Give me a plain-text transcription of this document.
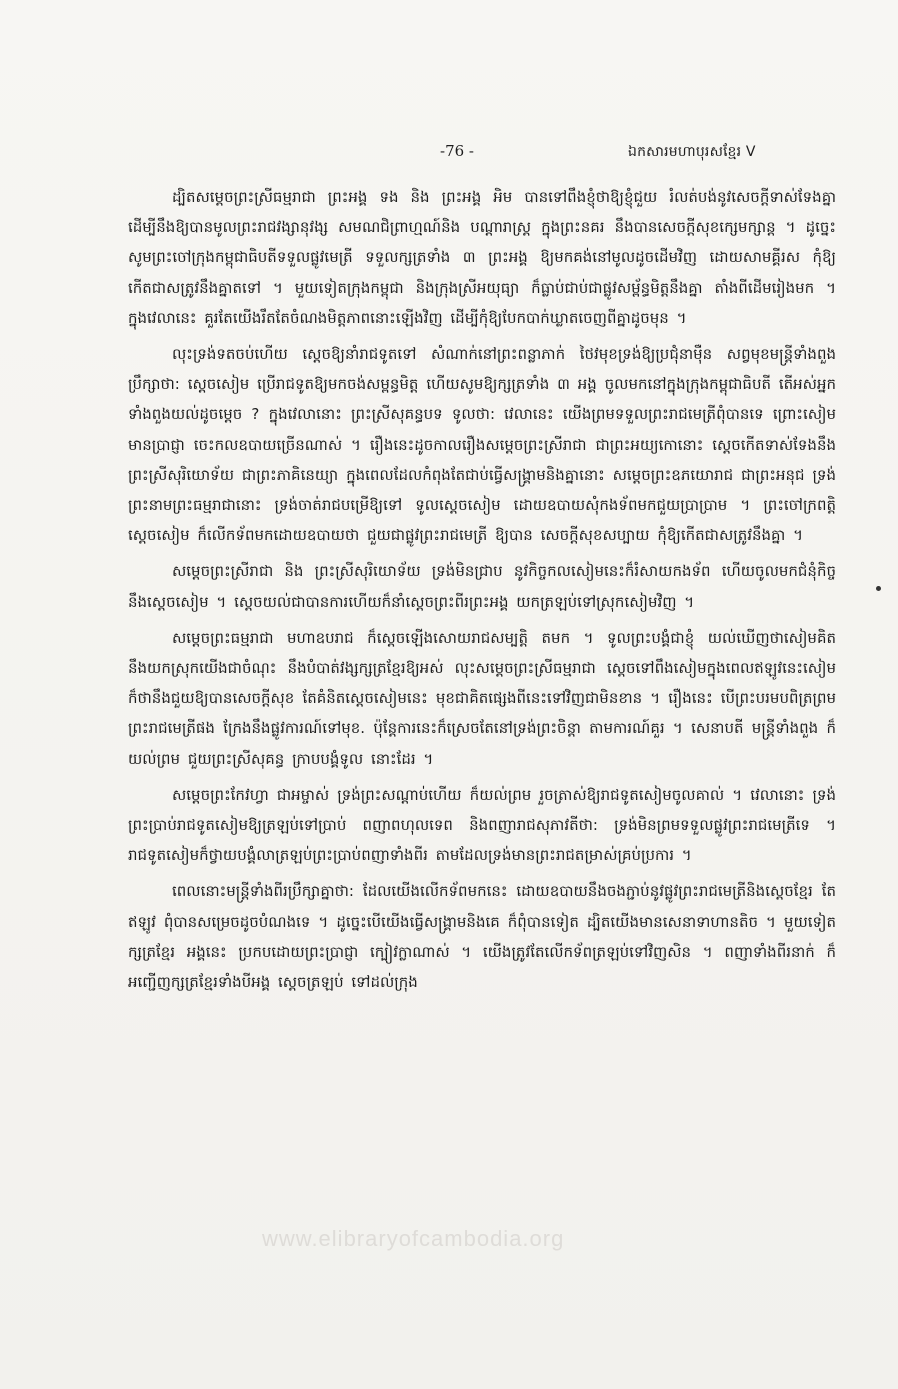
-76 -	ឯកសារមហាបុរសខ្មែរ V

ដ្បិតសម្តេចព្រះស្រីធម្មរាជា ព្រះអង្គ ទង និង ព្រះអង្គ អិម បានទៅពឹងខ្ញុំថាឱ្យខ្ញុំជួយ រំលត់បង់នូវសេចក្តីទាស់ទែងគ្នា ដើម្បីនឹងឱ្យបានមូលព្រះរាជវង្សានុវង្ស សមណជិព្រាហ្មណ៍និង បណ្តារាស្ត្រ ក្នុងព្រះនគរ នឹងបានសេចក្តីសុខក្សេមក្សាន្ត ។ ដូច្នេះសូមព្រះចៅក្រុងកម្ពុជាធិបតីទទួលផ្លូវមេត្រី ទទួលក្សត្រទាំង ៣ ព្រះអង្គ ឱ្យមកគង់នៅមូលដូចដើមវិញ ដោយសាមគ្គីរស កុំឱ្យកើតជាសត្រូវនឹងគ្នាតទៅ ។ មួយទៀតក្រុងកម្ពុជា និងក្រុងស្រីអយុធ្យា ក៏ធ្លាប់ជាប់ជាផ្លូវសម្ព័ន្ធមិត្តនឹងគ្នា តាំងពីដើមរៀងមក ។ ក្នុងវេលានេះ គួរតែយើងរឹតតែចំណងមិត្តភាពនោះឡើងវិញ ដើម្បីកុំឱ្យបែកបាក់ឃ្លាតចេញពីគ្នាដូចមុន ។

លុះទ្រង់ទតចប់ហើយ ស្តេចឱ្យនាំរាជទូតទៅ សំណាក់នៅព្រះពន្លាភាក់ ថៃវមុខទ្រង់ឱ្យប្រជុំនាម៉ឺន សព្វមុខមន្ត្រីទាំងពួងប្រឹក្សាថា: ស្តេចសៀម ប្រើរាជទូតឱ្យមកចង់សម្ពន្ធមិត្ត ហើយសូមឱ្យក្សត្រទាំង ៣ អង្គ ចូលមកនៅក្នុងក្រុងកម្ពុជាធិបតី តើអស់អ្នកទាំងពួងយល់ដូចម្តេច ? ក្នុងវេលានោះ ព្រះស្រីសុគន្ធបទ ទូលថា: វេលានេះ យើងព្រមទទួលព្រះរាជមេត្រីពុំបានទេ ព្រោះសៀមមានប្រាជ្ញា ចេះកលឧបាយច្រើនណាស់ ។ រឿងនេះដូចកាលរឿងសម្តេចព្រះស្រីរាជា ជាព្រះអយ្យកោនោះ ស្តេចកើតទាស់ទែងនឹងព្រះស្រីសុរិយោទ័យ ជាព្រះភាគិនេយ្យា ក្នុងពេលដែលកំពុងតែជាប់ធ្វើសង្គ្រាមនិងគ្នានោះ សម្តេចព្រះឧភយោរាជ ជាព្រះអនុជ ទ្រង់ព្រះនាមព្រះធម្មរាជានោះ ទ្រង់ចាត់រាជបម្រើឱ្យទៅ ទូលស្តេចសៀម ដោយឧបាយសុំកងទ័ពមកជួយប្រាប្រាម ។ ព្រះចៅក្រពត្តិ ស្តេចសៀម ក៏លើកទ័ពមកដោយឧបាយថា ជួយជាផ្លូវព្រះរាជមេត្រី ឱ្យបាន សេចក្តីសុខសប្បាយ កុំឱ្យកើតជាសត្រូវនឹងគ្នា ។

សម្តេចព្រះស្រីរាជា និង ព្រះស្រីសុរិយោទ័យ ទ្រង់មិនជ្រាប នូវកិច្ចកលសៀមនេះក៏រំសាយកងទ័ព ហើយចូលមកជំនុំកិច្ចនឹងស្តេចសៀម ។ ស្តេចយល់ជាបានការហើយក៏នាំស្តេចព្រះពីរព្រះអង្គ យកត្រឡប់ទៅស្រុកសៀមវិញ ។

សម្តេចព្រះធម្មរាជា មហាឧបរាជ ក៏ស្តេចឡើងសោយរាជសម្បត្តិ តមក ។ ទូលព្រះបង្គំជាខ្ញុំ យល់ឃើញថាសៀមគិតនឹងយកស្រុកយើងជាចំណុះ នឹងបំបាត់វង្សក្សត្រខ្មែរឱ្យអស់ លុះសម្តេចព្រះស្រីធម្មរាជា ស្តេចទៅពឹងសៀមក្នុងពេលឥឡូវនេះសៀម ក៏ថានឹងជួយឱ្យបានសេចក្តីសុខ តែគំនិតស្តេចសៀមនេះ មុខជាគិតផ្សេងពីនេះទៅវិញជាមិនខាន ។ រឿងនេះ បើព្រះបរមបពិត្រព្រមព្រះរាជមេត្រីផង ក្រែងនឹងផ្លូវការណ៍ទៅមុខ. ប៉ុន្តែការនេះក៏ស្រេចតែនៅទ្រង់ព្រះចិន្តា តាមការណ៍គួរ ។ សេនាបតី មន្ត្រីទាំងពួង ក៏យល់ព្រម ជួយព្រះស្រីសុគន្ធ ក្រាបបង្គំទូល នោះដែរ ។

សម្តេចព្រះកែវហ្វា ជាអម្ចាស់ ទ្រង់ព្រះសណ្តាប់ហើយ ក៏យល់ព្រម រួចត្រាស់ឱ្យរាជទូតសៀមចូលគាល់ ។ វេលានោះ ទ្រង់ព្រះប្រាប់រាជទូតសៀមឱ្យត្រឡប់ទៅប្រាប់ ពញាពហុលទេព និងពញារាជសុភាវតីថា: ទ្រង់មិនព្រមទទួលផ្លូវព្រះរាជមេត្រីទេ ។ រាជទូតសៀមក៏ថ្វាយបង្គំលាត្រឡប់ព្រះប្រាប់ពញាទាំងពីរ តាមដែលទ្រង់មានព្រះរាជតម្រាស់គ្រប់ប្រការ ។

ពេលនោះមន្ត្រីទាំងពីរប្រឹក្សាគ្នាថា: ដែលយើងលើកទ័ពមកនេះ ដោយឧបាយនឹងចងភ្ជាប់នូវផ្លូវព្រះរាជមេត្រីនិងស្តេចខ្មែរ តែឥឡូវ ពុំបានសម្រេចដូចបំណងទេ ។ ដូច្នេះបើយើងធ្វើសង្គ្រាមនិងគេ ក៏ពុំបានទៀត ដ្បិតយើងមានសេនាទាហានតិច ។ មួយទៀតក្សត្រខ្មែរ អង្គនេះ ប្រកបដោយព្រះប្រាជ្ញា ក្បៀវក្លាណាស់ ។ យើងត្រូវតែលើកទ័ពត្រឡប់ទៅវិញសិន ។ ពញាទាំងពីរនាក់ ក៏អញ្ជើញក្សត្រខ្មែរទាំងបីអង្គ ស្តេចត្រឡប់ ទៅដល់ក្រុង

www.elibraryofcambodia.org
